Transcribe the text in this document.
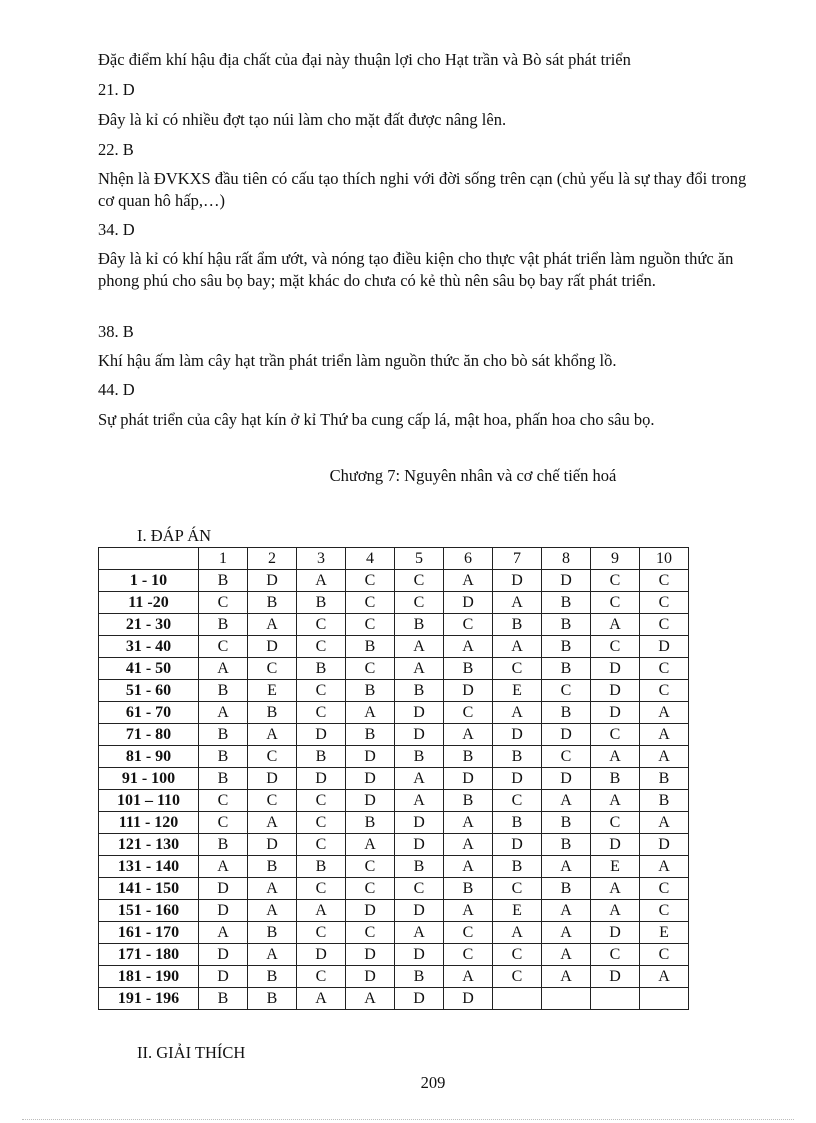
Đặc điểm khí hậu địa chất của đại này thuận lợi cho Hạt trần và Bò sát phát triển
21. D
Đây là kỉ có nhiều đợt tạo núi làm cho mặt đất được nâng lên.
22. B
Nhện là ĐVKXS đầu tiên có cấu tạo thích nghi với đời sống trên cạn (chủ yếu là sự thay đổi trong cơ quan hô hấp,…)
34. D
Đây là kỉ có khí hậu rất ẩm ướt, và nóng tạo điều kiện cho thực vật phát triển làm nguồn thức ăn phong phú cho sâu bọ bay; mặt khác do chưa có kẻ thù nên sâu bọ bay rất phát triển.
38. B
Khí hậu ấm làm cây hạt trần phát triển làm nguồn thức ăn cho bò sát khổng lồ.
44. D
Sự phát triển của cây hạt kín ở kỉ Thứ ba cung cấp lá, mật hoa, phấn hoa cho sâu bọ.
Chương 7: Nguyên nhân và cơ chế tiến hoá
I. ĐÁP ÁN
	1	2	3	4	5	6	7	8	9	10
1 - 10	B	D	A	C	C	A	D	D	C	C
11 -20	C	B	B	C	C	D	A	B	C	C
21 - 30	B	A	C	C	B	C	B	B	A	C
31 - 40	C	D	C	B	A	A	A	B	C	D
41 - 50	A	C	B	C	A	B	C	B	D	C
51 - 60	B	E	C	B	B	D	E	C	D	C
61 - 70	A	B	C	A	D	C	A	B	D	A
71 - 80	B	A	D	B	D	A	D	D	C	A
81 - 90	B	C	B	D	B	B	B	C	A	A
91 - 100	B	D	D	D	A	D	D	D	B	B
101 – 110	C	C	C	D	A	B	C	A	A	B
111 - 120	C	A	C	B	D	A	B	B	C	A
121 - 130	B	D	C	A	D	A	D	B	D	D
131 - 140	A	B	B	C	B	A	B	A	E	A
141 - 150	D	A	C	C	C	B	C	B	A	C
151 - 160	D	A	A	D	D	A	E	A	A	C
161 - 170	A	B	C	C	A	C	A	A	D	E
171 - 180	D	A	D	D	D	C	C	A	C	C
181 - 190	D	B	C	D	B	A	C	A	D	A
191 - 196	B	B	A	A	D	D				
II. GIẢI THÍCH
209
